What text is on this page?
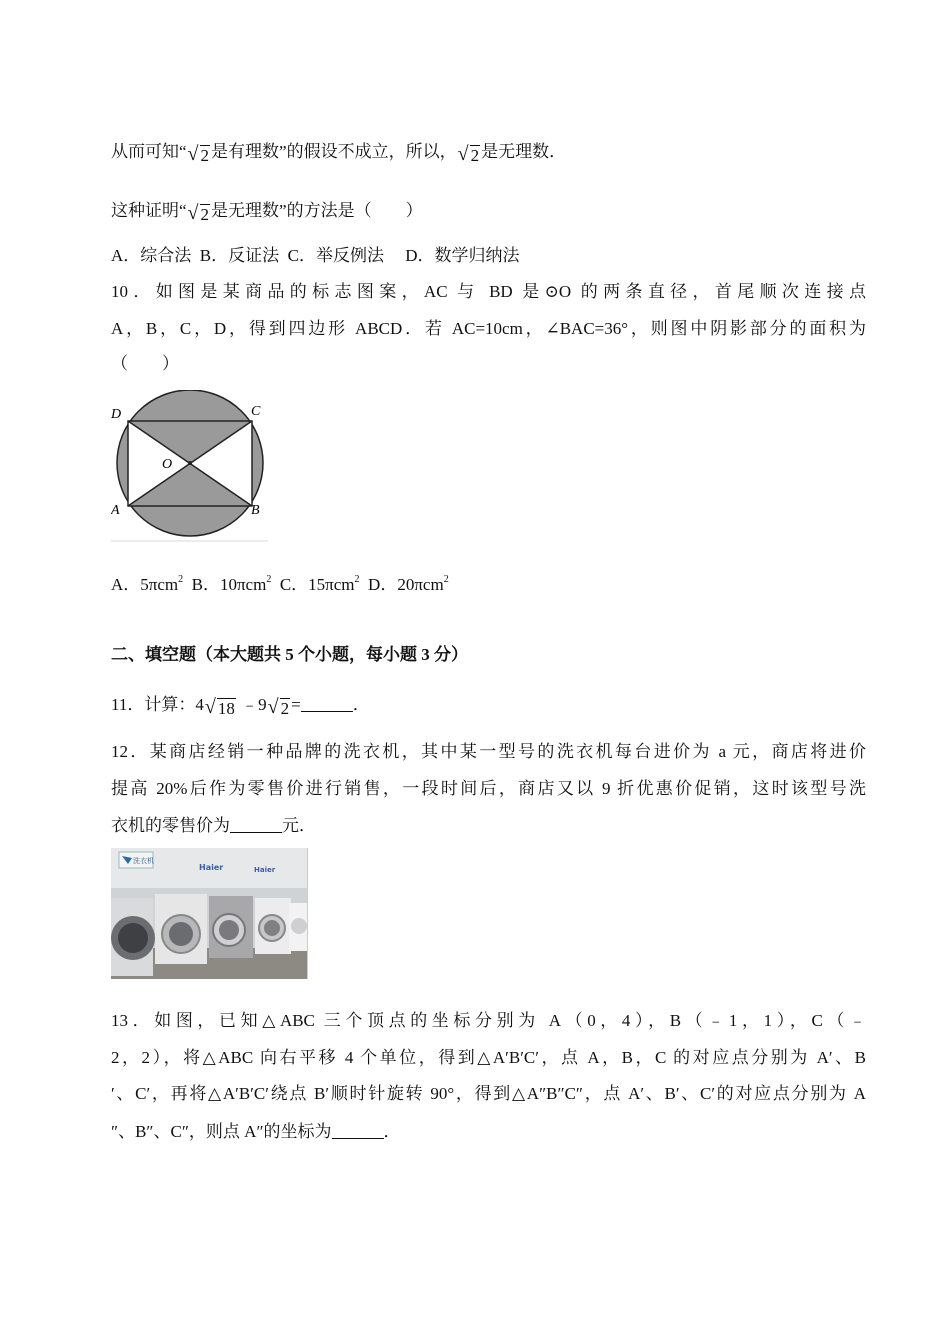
从而可知“ √ 2 是有理数”的假设不成立，所以， √ 2 是无理数．
这种证明“ √ 2 是无理数”的方法是（　　）
A．综合法  B．反证法  C．举反例法　 D．数学归纳法
10．如图是某商品的标志图案，AC 与 BD 是⊙O 的两条直径，首尾顺次连接点
A，B，C，D，得到四边形 ABCD．若 AC=10cm，∠BAC=36°，则图中阴影部分的面积为
（　　）
D	C
O
A	B
A．5πcm$^2$  B．10πcm$^2$  C．15πcm$^2$  D．20πcm$^2$
二、填空题（本大题共 5 个小题，每小题 3 分）
11．计算：4 √ 18 ﹣9 √ 2 =	．
12．某商店经销一种品牌的洗衣机，其中某一型号的洗衣机每台进价为 a 元，商店将进价
提高 20%后作为零售价进行销售，一段时间后，商店又以 9 折优惠价促销，这时该型号洗
衣机的零售价为	元．
洗衣机
Haier	Haier
13．如图，已知△ABC 三个顶点的坐标分别为 A（0，4），B（﹣1，1），C（﹣
2，2），将△ABC 向右平移 4 个单位，得到△A′B′C′，点 A，B，C 的对应点分别为 A′、B
′、C′，再将△A′B′C′绕点 B′顺时针旋转 90°，得到△A″B″C″，点 A′、B′、C′的对应点分别为 A
″、B″、C″，则点 A″的坐标为	．
